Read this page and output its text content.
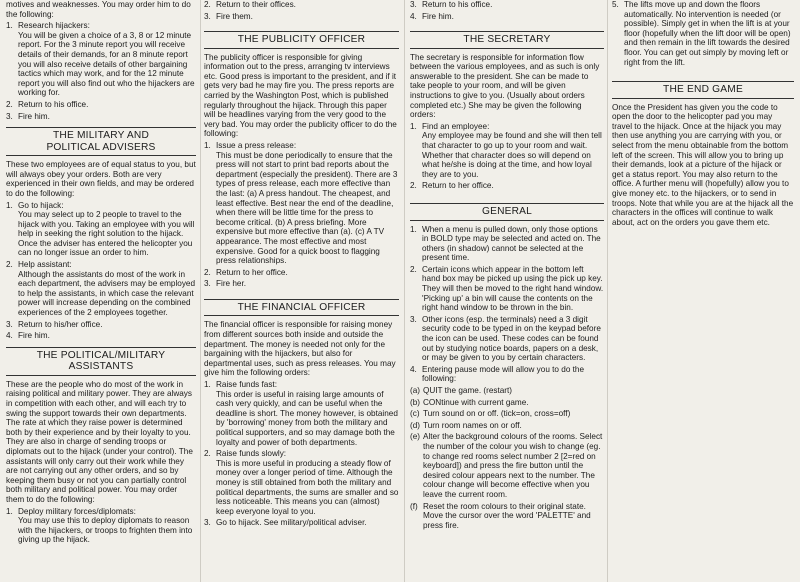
motives and weaknesses. You may order him to do the following:

1. Research hijackers:
You will be given a choice of a 3, 8 or 12 minute report. For the 3 minute report you will receive details of their demands, for an 8 minute report you will also receive details of other bargaining tactics which may work, and for the 12 minute report you will also find out who the hijackers are working for.
2. Return to his office.
3. Fire him.
THE MILITARY AND
POLITICAL ADVISERS

These two employees are of equal status to you, but will always obey your orders. Both are very experienced in their own fields, and may be ordered to do the following:

1. Go to hijack:
You may select up to 2 people to travel to the hijack with you. Taking an employee with you will help in seeking the right solution to the hijack. Once the adviser has entered the helicopter you can no longer issue an order to him.
2. Help assistant:
Although the assistants do most of the work in each department, the advisers may be employed to help the assistants, in which case the relevant power will increase depending on the combined experiences of the 2 employees together.
3. Return to his/her office.
4. Fire him.
THE POLITICAL/MILITARY
ASSISTANTS

These are the people who do most of the work in raising political and military power. They are always in competition with each other, and will each try to swing the support towards their own departments. The rate at which they raise power is determined both by their experience and by their loyalty to you. They are also in charge of sending troops or diplomats out to the hijack (under your control). The assistants will only carry out their work while they are not carrying out any other orders, and so by keeping them busy or not you can partially control both military and political power. You may order them to do the following:

1. Deploy military forces/diplomats:
You may use this to deploy diplomats to reason with the hijackers, or troops to frighten them into giving up the hijack.
2. Return to their offices.
3. Fire them.
THE PUBLICITY OFFICER

The publicity officer is responsible for giving information out to the press, arranging tv interviews etc. Good press is important to the president, and if it gets very bad he may fire you. The press reports are carried by the Washington Post, which is published regularly throughout the hijack. Through this paper will be headlines varying from the very good to the very bad. You may order the publicity officer to do the following:

1. Issue a press release:
This must be done periodically to ensure that the press will not start to print bad reports about the department (especially the president). There are 3 types of press release, each more effective than the last: (a) A press handout. The cheapest, and least effective. Best near the end of the deadline, when there will be little time for the press to become critical. (b) A press briefing. More expensive but more effective than (a). (c) A TV appearance. The most effective and most expensive. Good for a quick boost to flagging press relationships.
2. Return to her office.
3. Fire her.
THE FINANCIAL OFFICER

The financial officer is responsible for raising money from different sources both inside and outside the department. The money is needed not only for the bargaining with the hijackers, but also for departmental uses, such as press releases. You may give him the following orders:

1. Raise funds fast:
This order is useful in raising large amounts of cash very quickly, and can be useful when the deadline is short. The money however, is obtained by 'borrowing' money from both the military and political supporters, and so may damage both the loyalty and power of both departments.
2. Raise funds slowly:
This is more useful in producing a steady flow of money over a longer period of time. Although the money is still obtained from both the military and political departments, the sums are smaller and so less noticeable. This means you can (almost) keep everyone loyal to you.
3. Go to hijack. See military/political adviser.
3. Return to his office.
4. Fire him.
THE SECRETARY

The secretary is responsible for information flow between the various employees, and as such is only answerable to the president. She can be made to take people to your room, and will be given instructions to give to you. (Usually about orders completed etc.) She may be given the following orders:

1. Find an employee:
Any employee may be found and she will then tell that character to go up to your room and wait. Whether that character does so will depend on what he/she is doing at the time, and how loyal they are to you.
2. Return to her office.
GENERAL
1. When a menu is pulled down, only those options in BOLD type may be selected and acted on. The others (in shadow) cannot be selected at the present time.
2. Certain icons which appear in the bottom left hand box may be picked up using the pick up key. They will then be moved to the right hand window. 'Picking up' a bin will cause the contents on the right hand window to be thrown in the bin.
3. Other icons (esp. the terminals) need a 3 digit security code to be typed in on the keypad before the icon can be used. These codes can be found out by studying notice boards, papers on a desk, or may be given to you by certain characters.
4. Entering pause mode will allow you to do the following:
(a) QUIT the game. (restart)
(b) CONtinue with current game.
(c) Turn sound on or off. (tick=on, cross=off)
(d) Turn room names on or off.
(e) Alter the background colours of the rooms. Select the number of the colour you wish to change (eg. to change red rooms select number 2 [2=red on keyboard]) and press the fire button until the desired colour appears next to the number. The colour change will become effective when you leave the current room.
(f) Reset the room colours to their original state. Move the cursor over the word 'PALETTE' and press fire.
5. The lifts move up and down the floors automatically. No intervention is needed (or possible). Simply get in when the lift is at your floor (hopefully when the lift door will be open) and then remain in the lift towards the desired floor. You can get out simply by moving left or right from the lift.
THE END GAME

Once the President has given you the code to open the door to the helicopter pad you may travel to the hijack. Once at the hijack you may then use anything you are carrying with you, or select from the menu obtainable from the bottom left of the screen. This will allow you to bring up their demands, look at a picture of the hijack or get a status report. You may also return to the office. A further menu will (hopefully) allow you to give money etc. to the hijackers, or to send in troops. Note that while you are at the hijack all the characters in the offices will continue to walk about, act on the orders you gave them etc.
